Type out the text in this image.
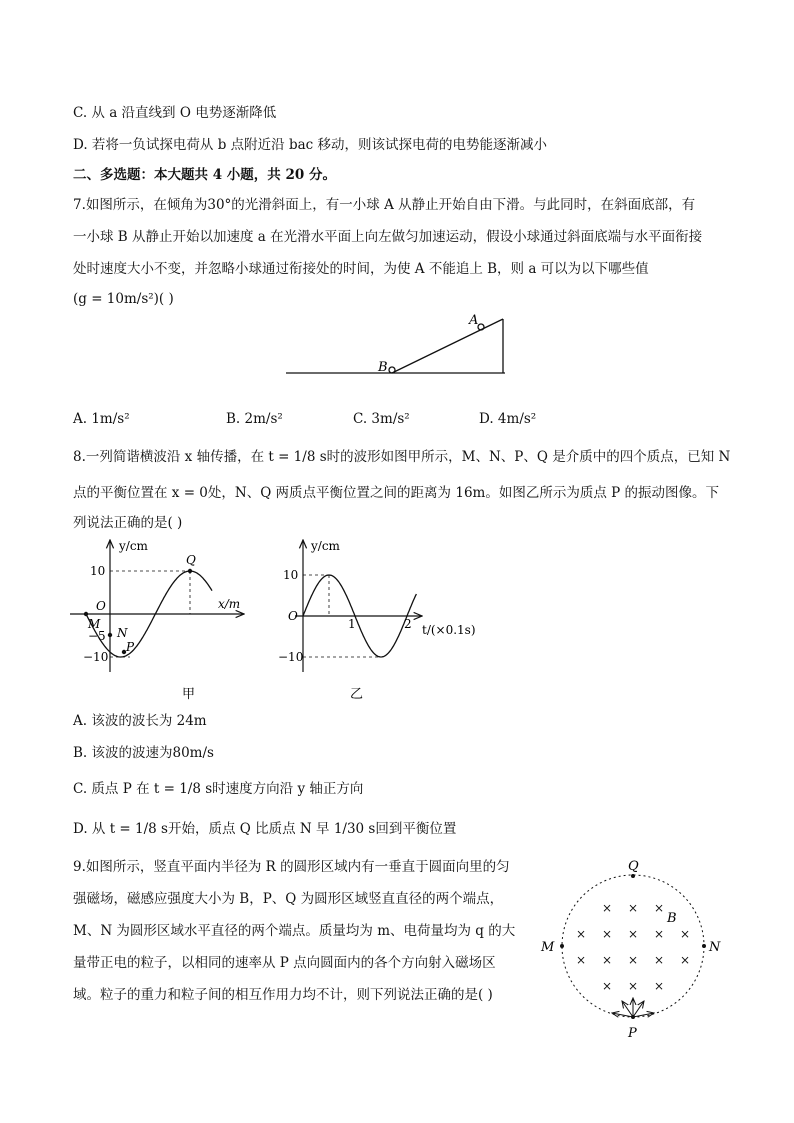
C. 从 a 沿直线到 O 电势逐渐降低
D. 若将一负试探电荷从 b 点附近沿 bac 移动，则该试探电荷的电势能逐渐减小
二、多选题：本大题共 4 小题，共 20 分。
7.如图所示，在倾角为30°的光滑斜面上，有一小球 A 从静止开始自由下滑。与此同时，在斜面底部，有
一小球 B 从静止开始以加速度 a 在光滑水平面上向左做匀加速运动，假设小球通过斜面底端与水平面衔接
处时速度大小不变，并忽略小球通过衔接处的时间，为使 A 不能追上 B，则 a 可以为以下哪些值
(g = 10m/s²)( )
A
B
A. 1m/s²	B. 2m/s²	C. 3m/s²	D. 4m/s²
8.一列简谐横波沿 x 轴传播，在 t = 1/8 s时的波形如图甲所示，M、N、P、Q 是介质中的四个质点，已知 N
点的平衡位置在 x = 0处，N、Q 两质点平衡位置之间的距离为 16m。如图乙所示为质点 P 的振动图像。下
列说法正确的是( )
y/cm
x/m
10
−5
−10
O
M
N
P
Q
甲
y/cm
t/(×0.1s)
10
−10
O
1	2
乙
A. 该波的波长为 24m
B. 该波的波速为80m/s
C. 质点 P 在 t = 1/8 s时速度方向沿 y 轴正方向
D. 从 t = 1/8 s开始，质点 Q 比质点 N 早 1/30 s回到平衡位置
9.如图所示，竖直平面内半径为 R 的圆形区域内有一垂直于圆面向里的匀
强磁场，磁感应强度大小为 B，P、Q 为圆形区域竖直直径的两个端点，
M、N 为圆形区域水平直径的两个端点。质量均为 m、电荷量均为 q 的大
量带正电的粒子，以相同的速率从 P 点向圆面内的各个方向射入磁场区
域。粒子的重力和粒子间的相互作用力均不计，则下列说法正确的是( )
× × ×
× × × × ×
× × × × ×
× × ×
Q
M	N
P
B
